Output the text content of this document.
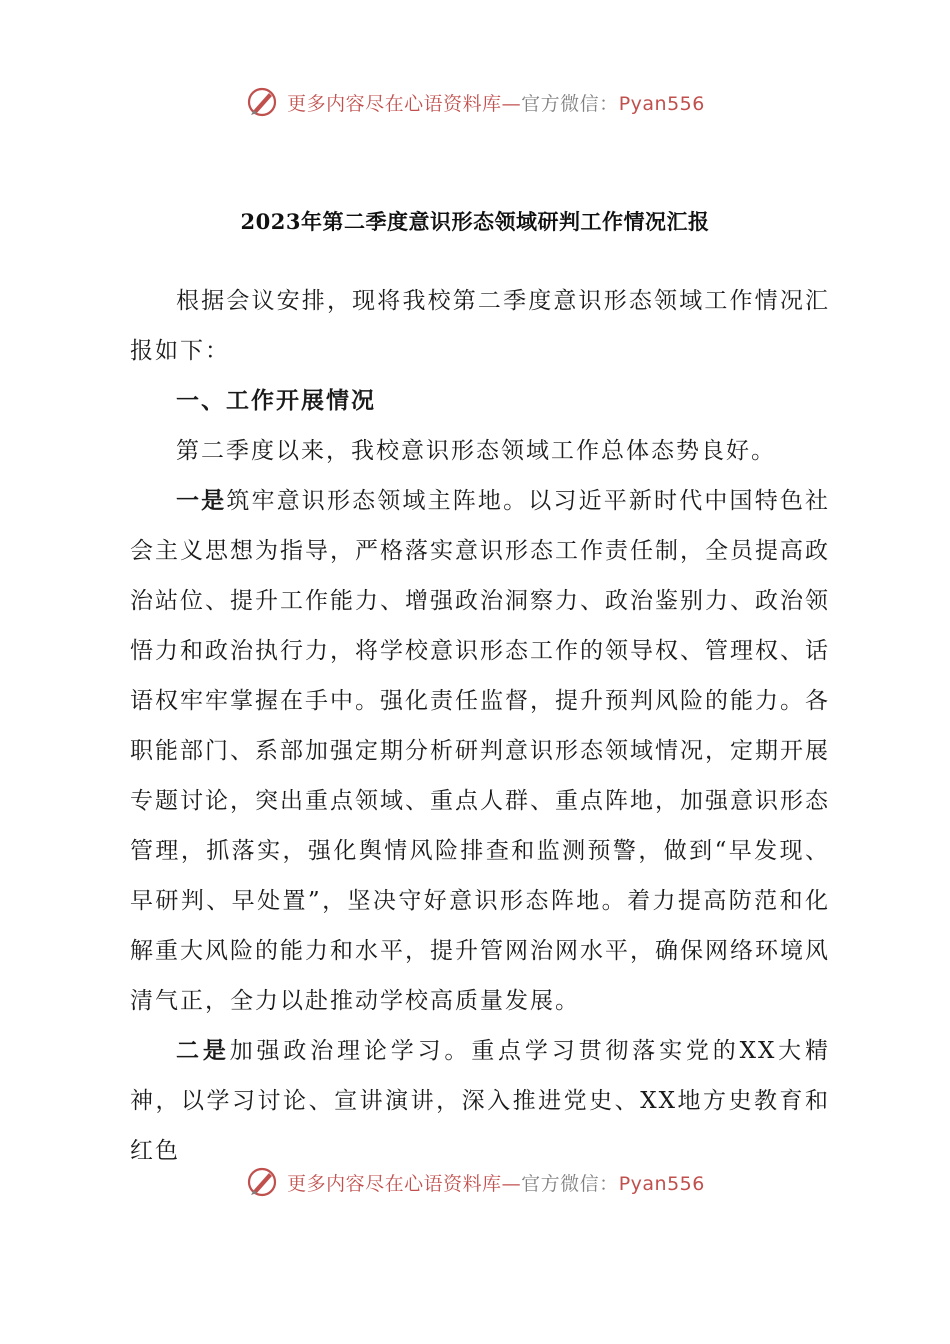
更多内容尽在心语资料库—官方微信：Pyan556
2023年第二季度意识形态领域研判工作情况汇报

根据会议安排，现将我校第二季度意识形态领域工作情况汇报如下：

一、工作开展情况

第二季度以来，我校意识形态领域工作总体态势良好。

一是筑牢意识形态领域主阵地。以习近平新时代中国特色社会主义思想为指导，严格落实意识形态工作责任制，全员提高政治站位、提升工作能力、增强政治洞察力、政治鉴别力、政治领悟力和政治执行力，将学校意识形态工作的领导权、管理权、话语权牢牢掌握在手中。强化责任监督，提升预判风险的能力。各职能部门、系部加强定期分析研判意识形态领域情况，定期开展专题讨论，突出重点领域、重点人群、重点阵地，加强意识形态管理，抓落实，强化舆情风险排查和监测预警，做到“早发现、早研判、早处置”，坚决守好意识形态阵地。着力提高防范和化解重大风险的能力和水平，提升管网治网水平，确保网络环境风清气正，全力以赴推动学校高质量发展。

二是加强政治理论学习。重点学习贯彻落实党的XX大精神，以学习讨论、宣讲演讲，深入推进党史、XX地方史教育和红色

更多内容尽在心语资料库—官方微信：Pyan556
